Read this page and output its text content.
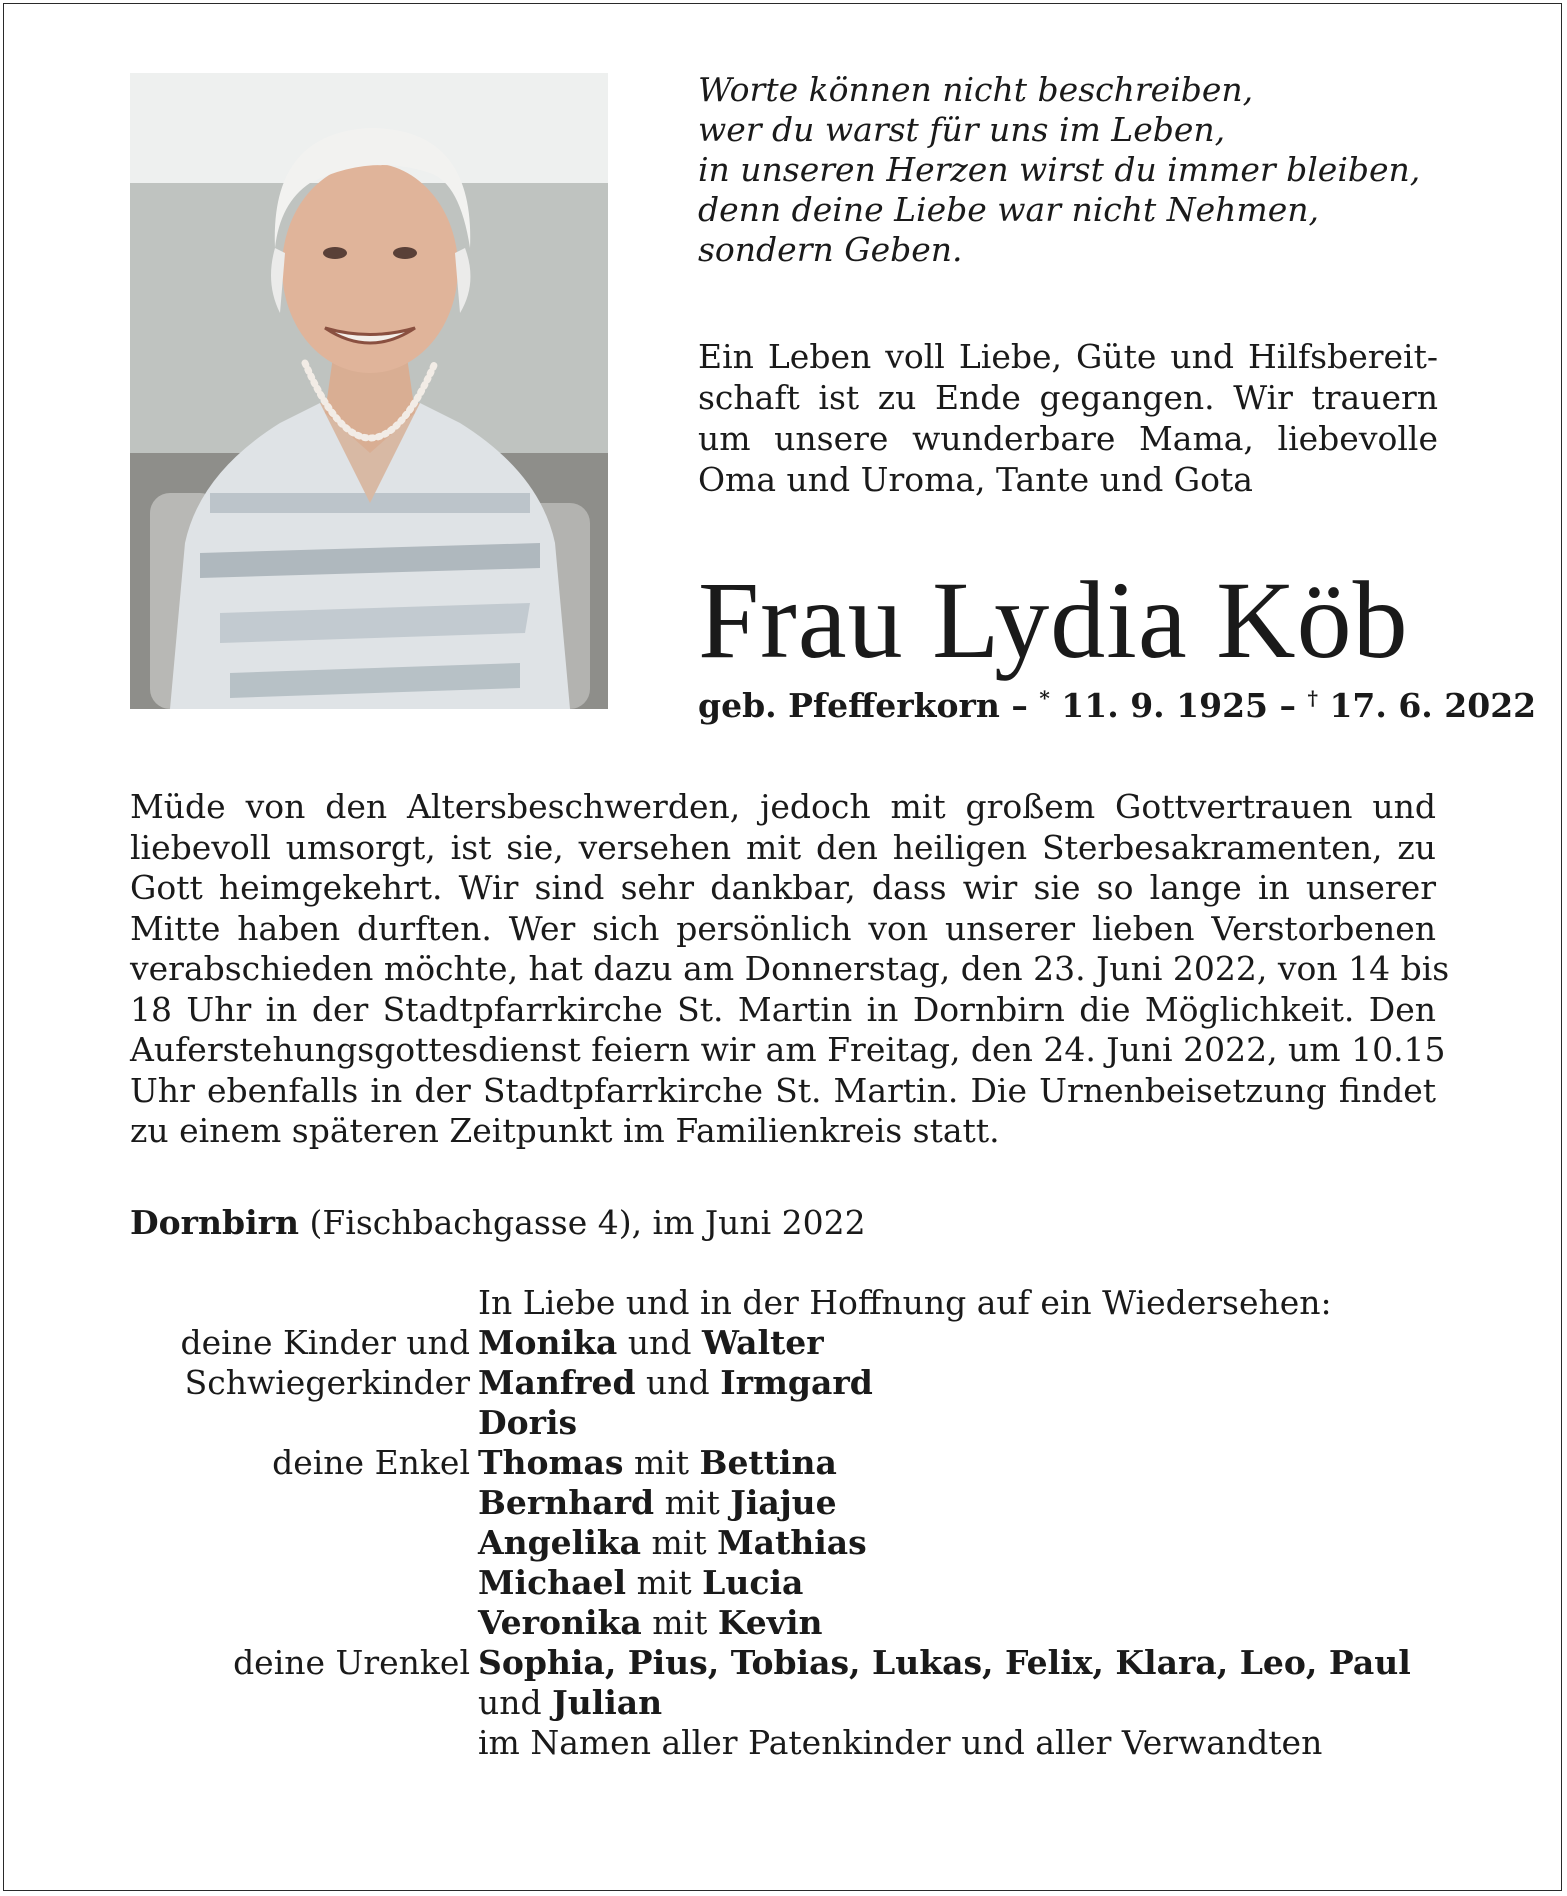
Worte können nicht beschreiben,
wer du warst für uns im Leben,
in unseren Herzen wirst du immer bleiben,
denn deine Liebe war nicht Nehmen,
sondern Geben.
Ein Leben voll Liebe, Güte und Hilfsbereit-
schaft ist zu Ende gegangen. Wir trauern
um unsere wunderbare Mama, liebevolle
Oma und Uroma, Tante und Gota
Frau Lydia Köb
geb. Pfefferkorn – * 11. 9. 1925 – † 17. 6. 2022
Müde von den Altersbeschwerden, jedoch mit großem Gottvertrauen und
liebevoll umsorgt, ist sie, versehen mit den heiligen Sterbesakramenten, zu
Gott heimgekehrt. Wir sind sehr dankbar, dass wir sie so lange in unserer
Mitte haben durften. Wer sich persönlich von unserer lieben Verstorbenen
verabschieden möchte, hat dazu am Donnerstag, den 23. Juni 2022, von 14 bis
18 Uhr in der Stadtpfarrkirche St. Martin in Dornbirn die Möglichkeit. Den
Auferstehungsgottesdienst feiern wir am Freitag, den 24. Juni 2022, um 10.15
Uhr ebenfalls in der Stadtpfarrkirche St. Martin. Die Urnenbeisetzung findet
zu einem späteren Zeitpunkt im Familienkreis statt.
Dornbirn (Fischbachgasse 4), im Juni 2022
In Liebe und in der Hoffnung auf ein Wiedersehen:
deine Kinder und Monika und Walter
Schwiegerkinder Manfred und Irmgard
Doris
deine Enkel Thomas mit Bettina
Bernhard mit Jiajue
Angelika mit Mathias
Michael mit Lucia
Veronika mit Kevin
deine Urenkel Sophia, Pius, Tobias, Lukas, Felix, Klara, Leo, Paul
und Julian
im Namen aller Patenkinder und aller Verwandten
